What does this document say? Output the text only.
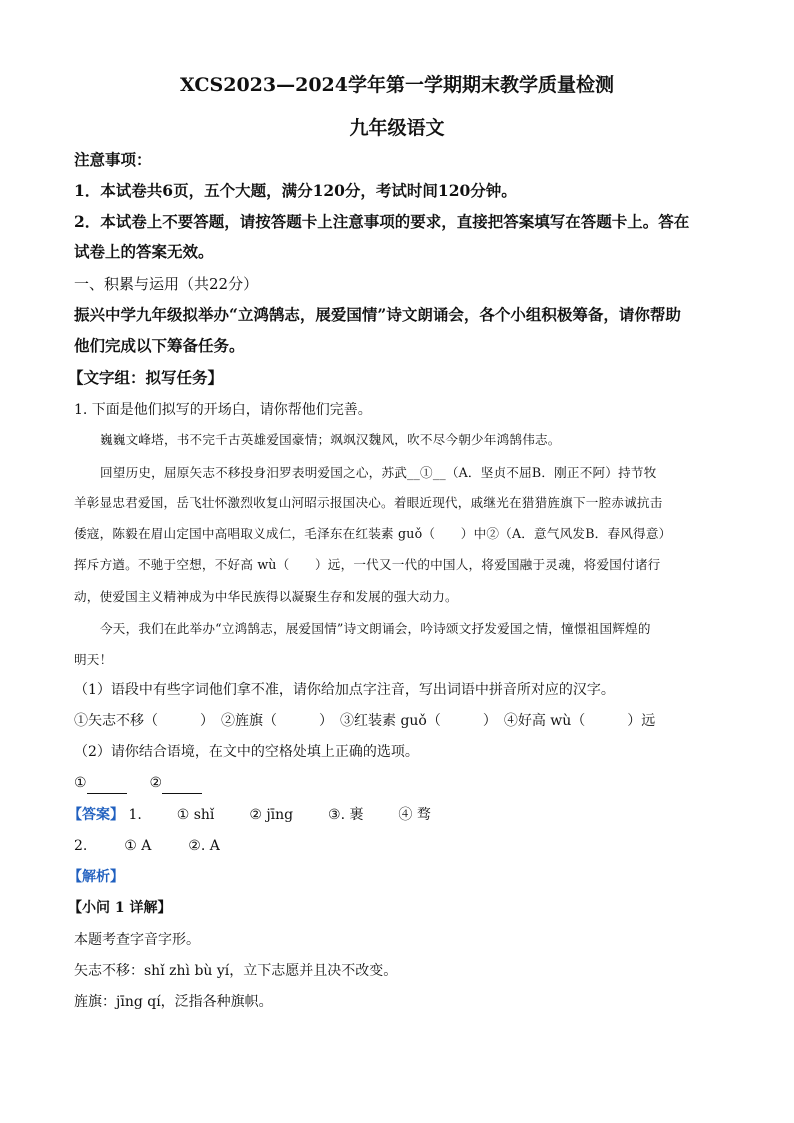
XCS2023—2024学年第一学期期末教学质量检测
九年级语文
注意事项：
1．本试卷共6页，五个大题，满分120分，考试时间120分钟。
2．本试卷上不要答题，请按答题卡上注意事项的要求，直接把答案填写在答题卡上。答在
试卷上的答案无效。
一、积累与运用（共22分）
振兴中学九年级拟举办“立鸿鹄志，展爱国情”诗文朗诵会，各个小组积极筹备，请你帮助
他们完成以下筹备任务。
【文字组：拟写任务】
1. 下面是他们拟写的开场白，请你帮他们完善。
巍巍文峰塔，书不完千古英雄爱国豪情；飒飒汉魏风，吹不尽今朝少年鸿鹄伟志。
回望历史，屈原矢志不移投身汨罗表明爱国之心，苏武__①__（A．坚贞不屈B．刚正不阿）持节牧
羊彰显忠君爱国，岳飞壮怀激烈收复山河昭示报国决心。着眼近现代，戚继光在猎猎旌旗下一腔赤诚抗击
倭寇，陈毅在眉山定国中高唱取义成仁，毛泽东在红装素 guǒ（　　）中②（A．意气风发B．春风得意）
挥斥方遒。不驰于空想，不好高 wù（　　）远，一代又一代的中国人，将爱国融于灵魂，将爱国付诸行
动，使爱国主义精神成为中华民族得以凝聚生存和发展的强大动力。
今天，我们在此举办“立鸿鹄志，展爱国情”诗文朗诵会，吟诗颂文抒发爱国之情，憧憬祖国辉煌的
明天！
（1）语段中有些字词他们拿不准，请你给加点字注音，写出词语中拼音所对应的汉字。
①矢志不移（　　　）　②旌旗（　　　）　③红装素 guǒ（　　　）　④好高 wù（　　　）远
（2）请你结合语境，在文中的空格处填上正确的选项。
①	②
【答案】 1. ① shǐ ② jīng ③. 裹 ④ 骛
2.	① A	②. A
【解析】
【小问 1 详解】
本题考查字音字形。
矢志不移：shǐ zhì bù yí，立下志愿并且决不改变。
旌旗：jīng qí，泛指各种旗帜。
